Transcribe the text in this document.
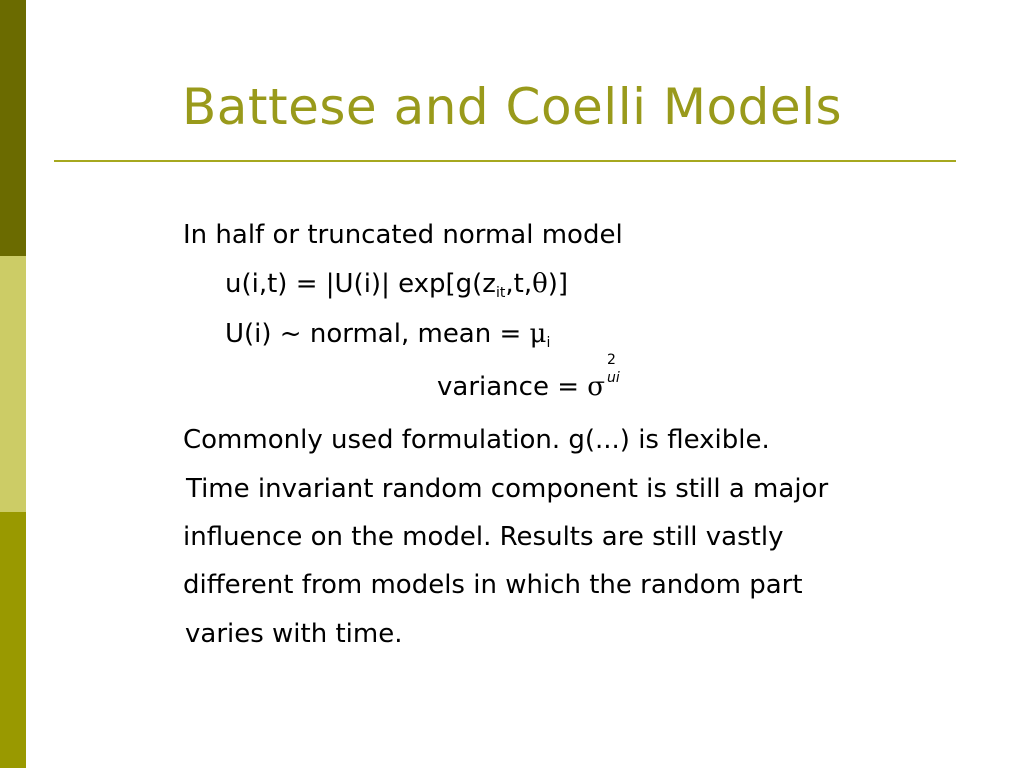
Battese and Coelli Models
In half or truncated normal model
u(i,t) = |U(i)| $\exp[g(z_{it},t,\theta)]$
U(i) ~ normal, mean = $\mu_i$
variance = σ
2
ui
Commonly used formulation. g(...) is flexible.
Time invariant random component is still a major
influence on the model. Results are still vastly
different from models in which the random part
varies with time.
